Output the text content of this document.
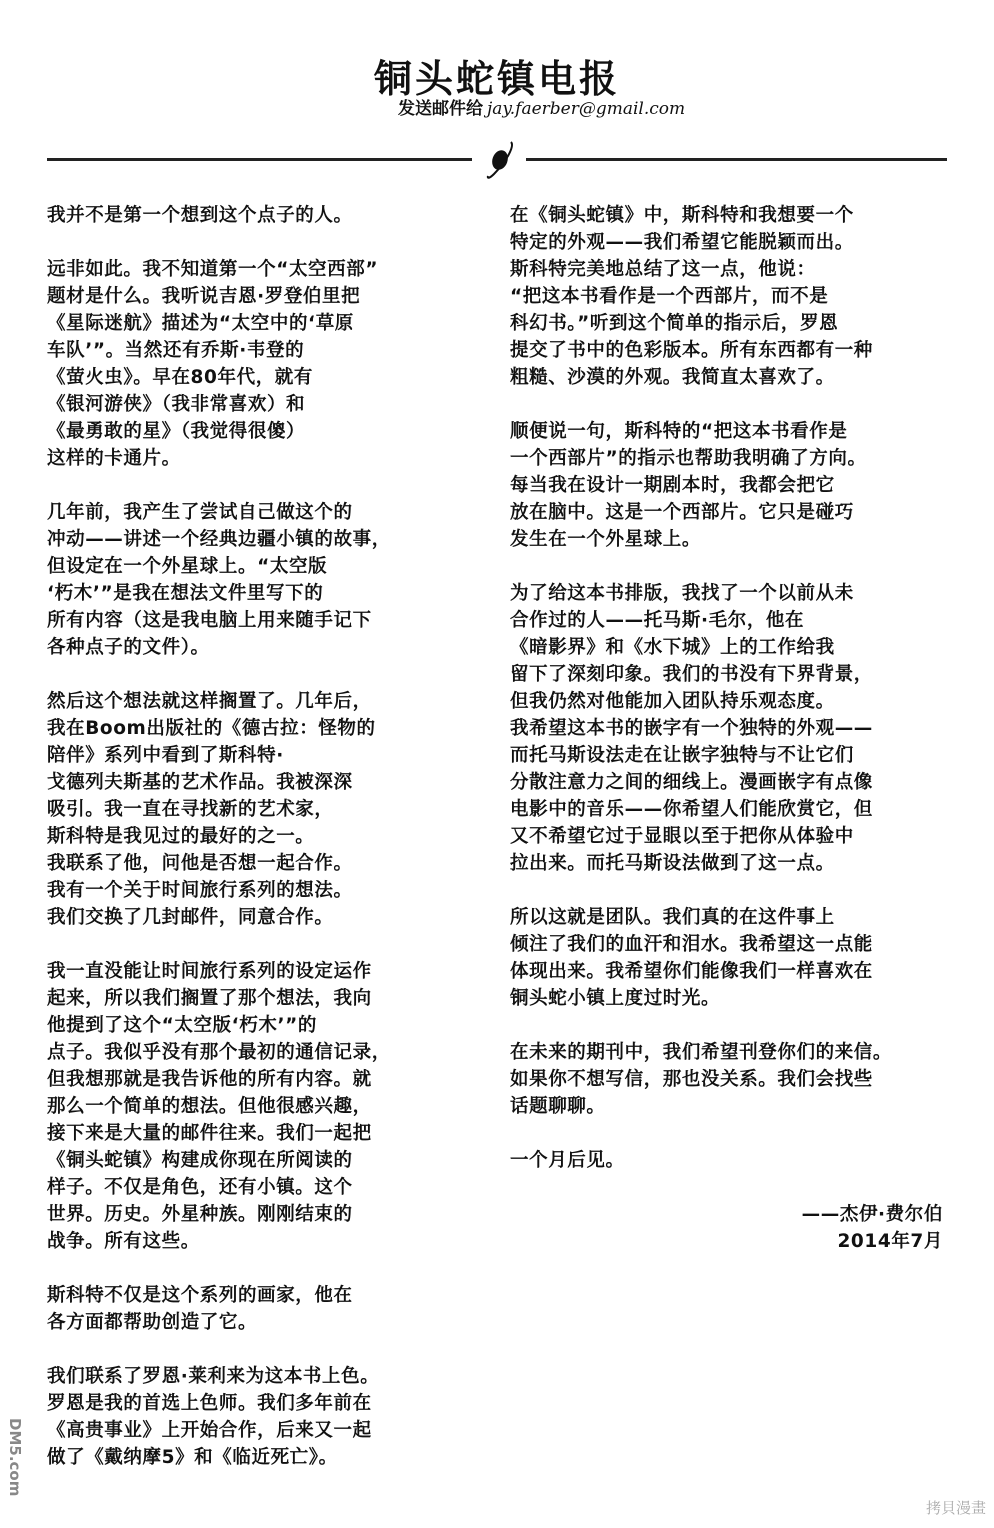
铜头蛇镇电报
发送邮件给 jay.faerber@gmail.com
我并不是第一个想到这个点子的人。
远非如此。我不知道第一个“太空西部”
题材是什么。我听说吉恩·罗登伯里把
《星际迷航》描述为“太空中的‘草原
车队’”。当然还有乔斯·韦登的
《萤火虫》。早在80年代，就有
《银河游侠》（我非常喜欢）和
《最勇敢的星》（我觉得很傻）
这样的卡通片。
几年前，我产生了尝试自己做这个的
冲动——讲述一个经典边疆小镇的故事，
但设定在一个外星球上。“太空版
‘朽木’”是我在想法文件里写下的
所有内容（这是我电脑上用来随手记下
各种点子的文件）。
然后这个想法就这样搁置了。几年后，
我在Boom出版社的《德古拉：怪物的
陪伴》系列中看到了斯科特·
戈德列夫斯基的艺术作品。我被深深
吸引。我一直在寻找新的艺术家，
斯科特是我见过的最好的之一。
我联系了他，问他是否想一起合作。
我有一个关于时间旅行系列的想法。
我们交换了几封邮件，同意合作。
我一直没能让时间旅行系列的设定运作
起来，所以我们搁置了那个想法，我向
他提到了这个“太空版‘朽木’”的
点子。我似乎没有那个最初的通信记录，
但我想那就是我告诉他的所有内容。就
那么一个简单的想法。但他很感兴趣，
接下来是大量的邮件往来。我们一起把
《铜头蛇镇》构建成你现在所阅读的
样子。不仅是角色，还有小镇。这个
世界。历史。外星种族。刚刚结束的
战争。所有这些。
斯科特不仅是这个系列的画家，他在
各方面都帮助创造了它。
我们联系了罗恩·莱利来为这本书上色。
罗恩是我的首选上色师。我们多年前在
《高贵事业》上开始合作，后来又一起
做了《戴纳摩5》和《临近死亡》。
在《铜头蛇镇》中，斯科特和我想要一个
特定的外观——我们希望它能脱颖而出。
斯科特完美地总结了这一点，他说：
“把这本书看作是一个西部片，而不是
科幻书。”听到这个简单的指示后，罗恩
提交了书中的色彩版本。所有东西都有一种
粗糙、沙漠的外观。我简直太喜欢了。
顺便说一句，斯科特的“把这本书看作是
一个西部片”的指示也帮助我明确了方向。
每当我在设计一期剧本时，我都会把它
放在脑中。这是一个西部片。它只是碰巧
发生在一个外星球上。
为了给这本书排版，我找了一个以前从未
合作过的人——托马斯·毛尔，他在
《暗影界》和《水下城》上的工作给我
留下了深刻印象。我们的书没有下界背景，
但我仍然对他能加入团队持乐观态度。
我希望这本书的嵌字有一个独特的外观——
而托马斯设法走在让嵌字独特与不让它们
分散注意力之间的细线上。漫画嵌字有点像
电影中的音乐——你希望人们能欣赏它，但
又不希望它过于显眼以至于把你从体验中
拉出来。而托马斯设法做到了这一点。
所以这就是团队。我们真的在这件事上
倾注了我们的血汗和泪水。我希望这一点能
体现出来。我希望你们能像我们一样喜欢在
铜头蛇小镇上度过时光。
在未来的期刊中，我们希望刊登你们的来信。
如果你不想写信，那也没关系。我们会找些
话题聊聊。
一个月后见。
——杰伊·费尔伯
2014年7月
DM5.com
拷貝漫畫
